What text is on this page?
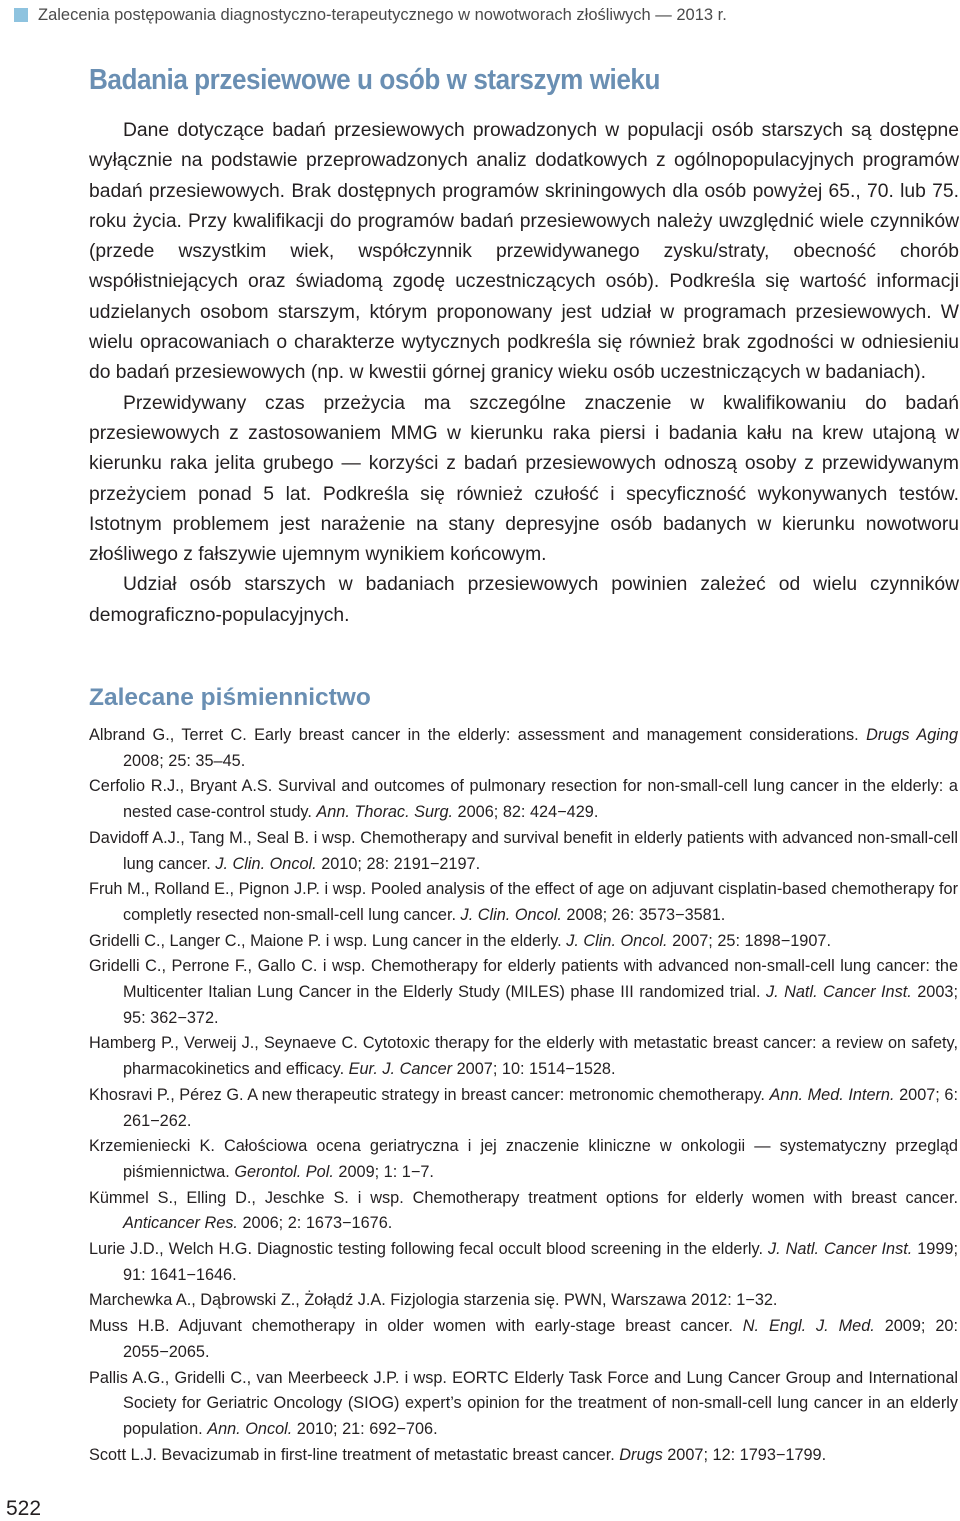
Zalecenia postępowania diagnostyczno-terapeutycznego w nowotworach złośliwych — 2013 r.
Badania przesiewowe u osób w starszym wieku

Dane dotyczące badań przesiewowych prowadzonych w populacji osób starszych są dostępne wyłącznie na podstawie przeprowadzonych analiz dodatkowych z ogólnopopulacyjnych programów badań przesiewowych. Brak dostępnych programów skriningowych dla osób powyżej 65., 70. lub 75. roku życia. Przy kwalifikacji do programów badań przesiewowych należy uwzględnić wiele czynników (przede wszystkim wiek, współczynnik przewidywanego zysku/straty, obecność chorób współistniejących oraz świadomą zgodę uczestniczących osób). Podkreśla się wartość informacji udzielanych osobom starszym, którym proponowany jest udział w programach przesiewowych. W wielu opracowaniach o charakterze wytycznych podkreśla się również brak zgodności w odniesieniu do badań przesiewowych (np. w kwestii górnej granicy wieku osób uczestniczących w badaniach).

Przewidywany czas przeżycia ma szczególne znaczenie w kwalifikowaniu do badań przesiewowych z zastosowaniem MMG w kierunku raka piersi i badania kału na krew utajoną w kierunku raka jelita grubego — korzyści z badań przesiewowych odnoszą osoby z przewidywanym przeżyciem ponad 5 lat. Podkreśla się również czułość i specyficzność wykonywanych testów. Istotnym problemem jest narażenie na stany depresyjne osób badanych w kierunku nowotworu złośliwego z fałszywie ujemnym wynikiem końcowym.

Udział osób starszych w badaniach przesiewowych powinien zależeć od wielu czynników demograficzno-populacyjnych.

Zalecane piśmiennictwo
Albrand G., Terret C. Early breast cancer in the elderly: assessment and management considerations. Drugs Aging 2008; 25: 35–45.
Cerfolio R.J., Bryant A.S. Survival and outcomes of pulmonary resection for non-small-cell lung cancer in the elderly: a nested case-control study. Ann. Thorac. Surg. 2006; 82: 424−429.
Davidoff A.J., Tang M., Seal B. i wsp. Chemotherapy and survival benefit in elderly patients with advanced non-small-cell lung cancer. J. Clin. Oncol. 2010; 28: 2191−2197.
Fruh M., Rolland E., Pignon J.P. i wsp. Pooled analysis of the effect of age on adjuvant cisplatin-based chemotherapy for completly resected non-small-cell lung cancer. J. Clin. Oncol. 2008; 26: 3573−3581.
Gridelli C., Langer C., Maione P. i wsp. Lung cancer in the elderly. J. Clin. Oncol. 2007; 25: 1898−1907.
Gridelli C., Perrone F., Gallo C. i wsp. Chemotherapy for elderly patients with advanced non-small-cell lung cancer: the Multicenter Italian Lung Cancer in the Elderly Study (MILES) phase III randomized trial. J. Natl. Cancer Inst. 2003; 95: 362−372.
Hamberg P., Verweij J., Seynaeve C. Cytotoxic therapy for the elderly with metastatic breast cancer: a review on safety, pharmacokinetics and efficacy. Eur. J. Cancer 2007; 10: 1514−1528.
Khosravi P., Pérez G. A new therapeutic strategy in breast cancer: metronomic chemotherapy. Ann. Med. Intern. 2007; 6: 261−262.
Krzemieniecki K. Całościowa ocena geriatryczna i jej znaczenie kliniczne w onkologii — systematyczny przegląd piśmiennictwa. Gerontol. Pol. 2009; 1: 1−7.
Kümmel S., Elling D., Jeschke S. i wsp. Chemotherapy treatment options for elderly women with breast cancer. Anticancer Res. 2006; 2: 1673−1676.
Lurie J.D., Welch H.G. Diagnostic testing following fecal occult blood screening in the elderly. J. Natl. Cancer Inst. 1999; 91: 1641−1646.
Marchewka A., Dąbrowski Z., Żołądź J.A. Fizjologia starzenia się. PWN, Warszawa 2012: 1−32.
Muss H.B. Adjuvant chemotherapy in older women with early-stage breast cancer. N. Engl. J. Med. 2009; 20: 2055−2065.
Pallis A.G., Gridelli C., van Meerbeeck J.P. i wsp. EORTC Elderly Task Force and Lung Cancer Group and International Society for Geriatric Oncology (SIOG) expert’s opinion for the treatment of non-small-cell lung cancer in an elderly population. Ann. Oncol. 2010; 21: 692−706.
Scott L.J. Bevacizumab in first-line treatment of metastatic breast cancer. Drugs 2007; 12: 1793−1799.
522
